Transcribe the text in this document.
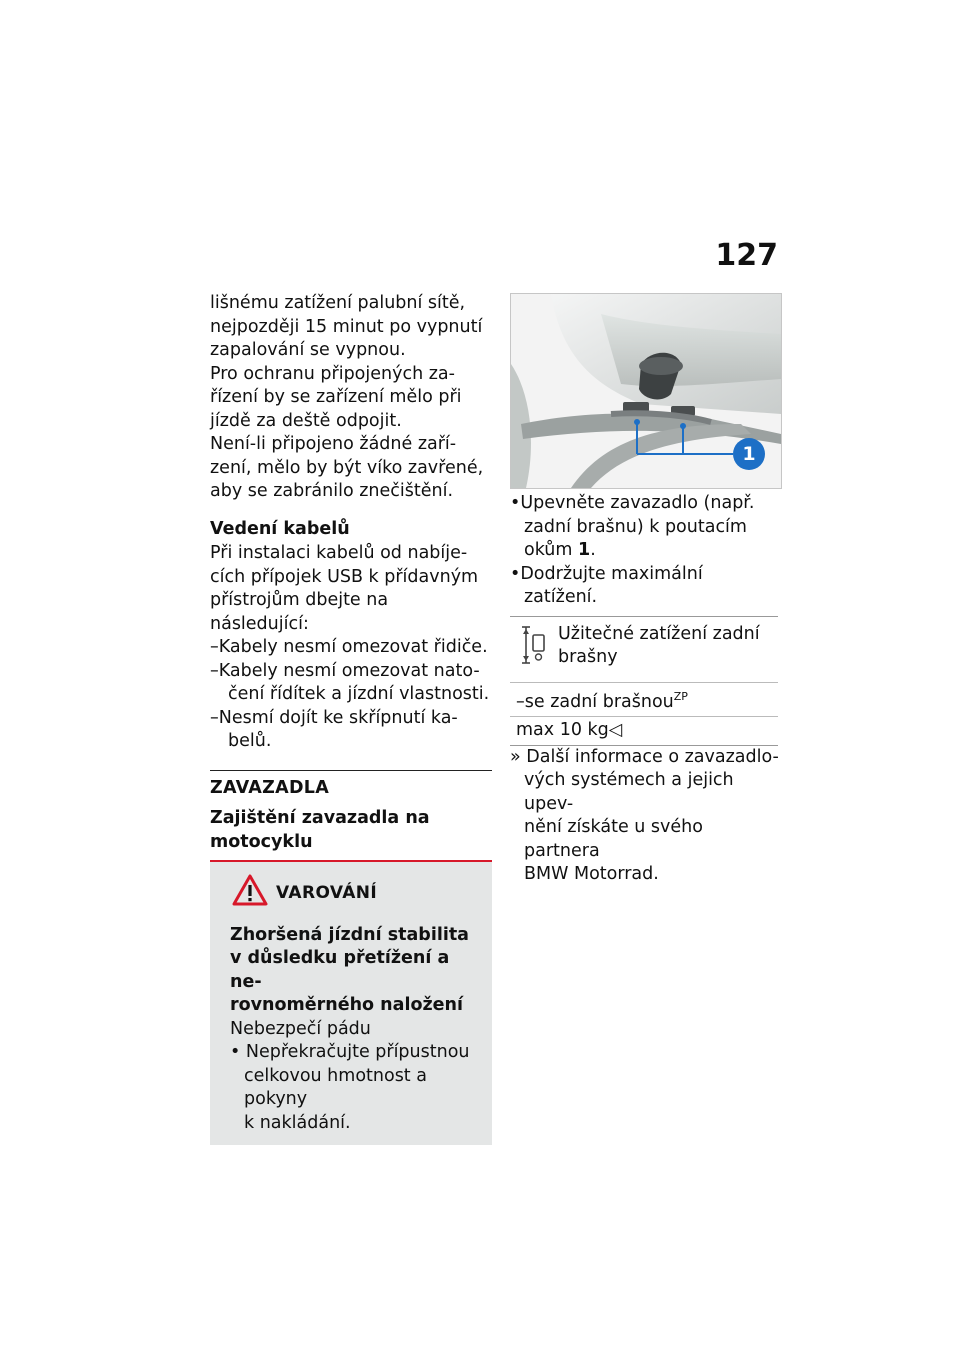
127

lišnému zatížení palubní sítě,
nejpozději 15 minut po vypnutí
zapalování se vypnou.

Pro ochranu připojených za-
řízení by se zařízení mělo při
jízdě za deště odpojit.

Není-li připojeno žádné zaří-
zení, mělo by být víko zavřené,
aby se zabránilo znečištění.

Vedení kabelů

Při instalaci kabelů od nabíje-
cích přípojek USB k přídavným
přístrojům dbejte na následující:

–Kabely nesmí omezovat řidiče.

–Kabely nesmí omezovat nato-
čení řídítek a jízdní vlastnosti.

–Nesmí dojít ke skřípnutí ka-
belů.

ZAVAZADLA

Zajištění zavazadla na
motocyklu

VAROVÁNÍ

Zhoršená jízdní stabilita
v důsledku přetížení a ne-
rovnoměrného naložení

Nebezpečí pádu

• Nepřekračujte přípustnou
celkovou hmotnost a pokyny
k nakládání.

1

•Upevněte zavazadlo (např.
zadní brašnu) k poutacím
okům 1.

•Dodržujte maximální zatížení.

Užitečné zatížení zadní
brašny

–se zadní brašnou$^{ZP}$
max 10 kg◁

» Další informace o zavazadlo-
vých systémech a jejich upev-
nění získáte u svého partnera
BMW Motorrad.
